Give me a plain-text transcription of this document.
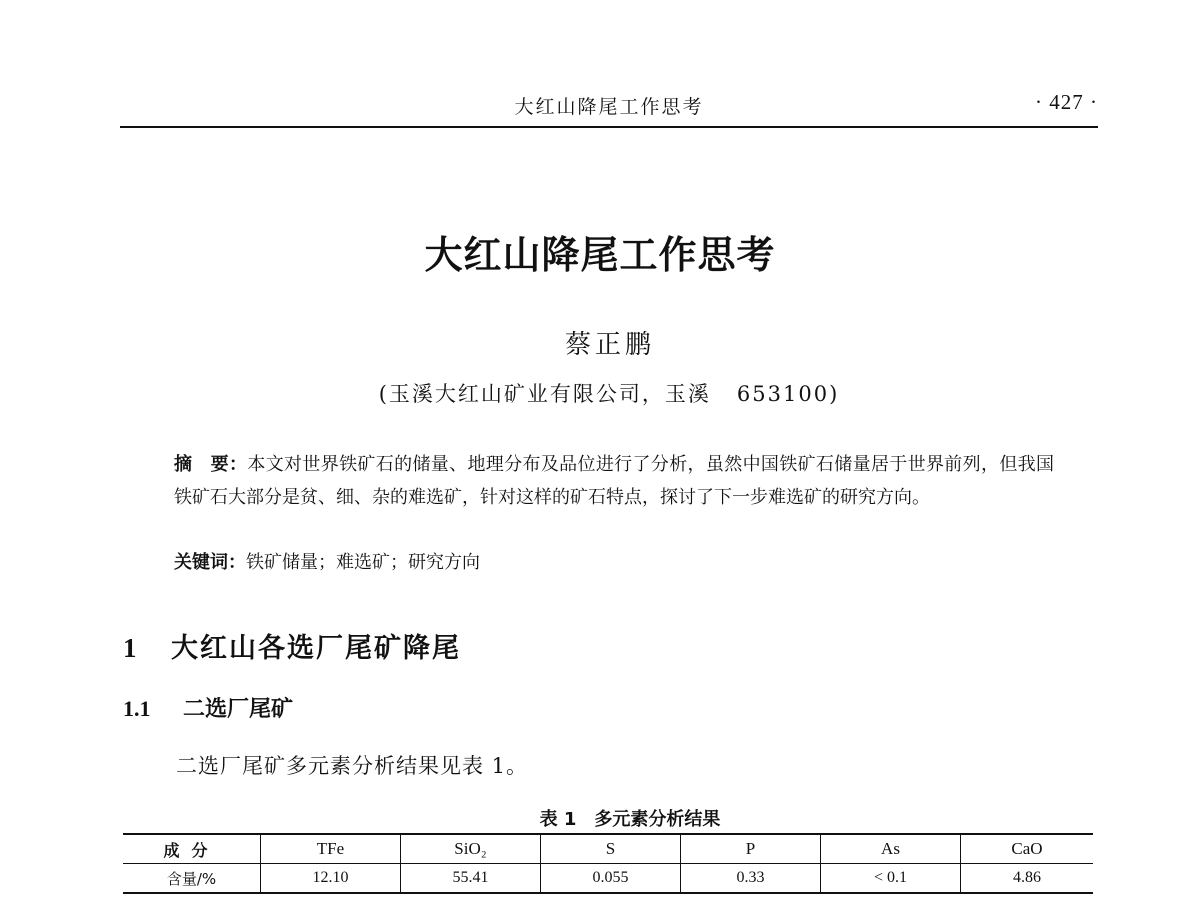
大红山降尾工作思考	· 427 ·
大红山降尾工作思考
蔡正鹏
(玉溪大红山矿业有限公司，玉溪 653100)
摘　要：本文对世界铁矿石的储量、地理分布及品位进行了分析，虽然中国铁矿石储量居于世界前列，但我国铁矿石大部分是贫、细、杂的难选矿，针对这样的矿石特点，探讨了下一步难选矿的研究方向。
关键词：铁矿储量；难选矿；研究方向
1 大红山各选厂尾矿降尾
1.1 二选厂尾矿
二选厂尾矿多元素分析结果见表 1。
表 1 多元素分析结果
成分	TFe	SiO₂	S	P	As	CaO
含量/%	12.10	55.41	0.055	0.33	< 0.1	4.86
